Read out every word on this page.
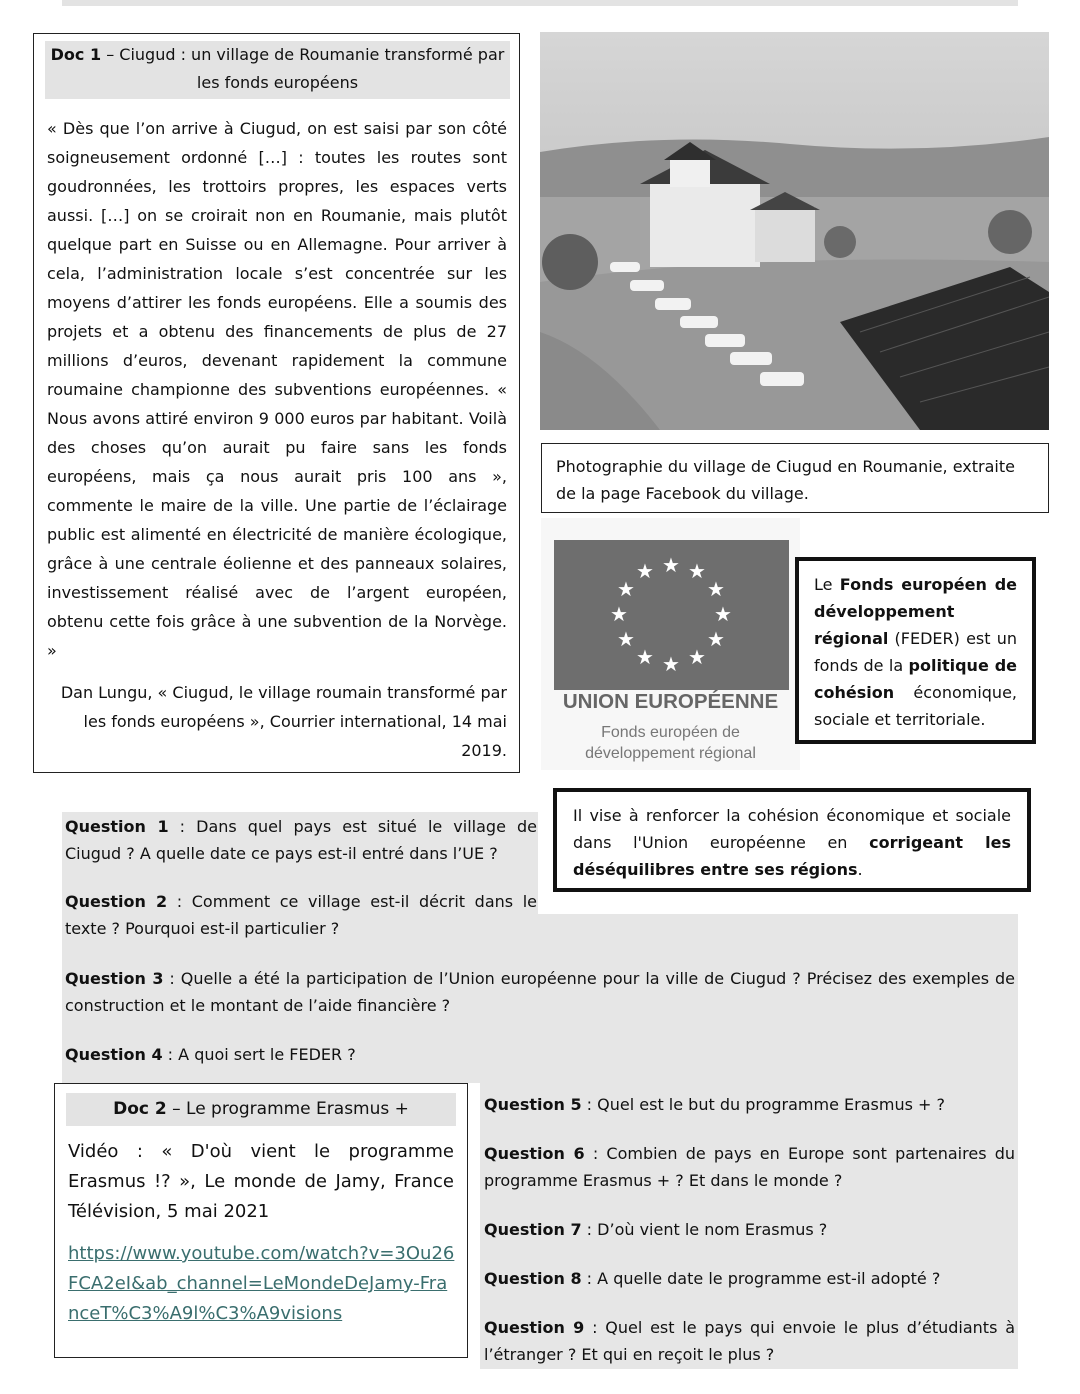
Doc 1 – Ciugud : un village de Roumanie transformé par les fonds européens
« Dès que l’on arrive à Ciugud, on est saisi par son côté soigneusement ordonné […] : toutes les routes sont goudronnées, les trottoirs propres, les espaces verts aussi. […] on se croirait non en Roumanie, mais plutôt quelque part en Suisse ou en Allemagne. Pour arriver à cela, l’administration locale s’est concentrée sur les moyens d’attirer les fonds européens. Elle a soumis des projets et a obtenu des financements de plus de 27 millions d’euros, devenant rapidement la commune roumaine championne des subventions européennes. « Nous avons attiré environ 9 000 euros par habitant. Voilà des choses qu’on aurait pu faire sans les fonds européens, mais ça nous aurait pris 100 ans », commente le maire de la ville. Une partie de l’éclairage public est alimenté en électricité de manière écologique, grâce à une centrale éolienne et des panneaux solaires, investissement réalisé avec de l’argent européen, obtenu cette fois grâce à une subvention de la Norvège. »
Dan Lungu, « Ciugud, le village roumain transformé par les fonds européens », Courrier international, 14 mai 2019.
Photographie du village de Ciugud en Roumanie, extraite de la page Facebook du village.
★ ★
★
★
★
★
★
★
★
★
★
★
UNION EUROPÉENNE
Fonds européen de
développement régional
Le Fonds européen de développement régional (FEDER) est un fonds de la politique de cohésion économique, sociale et territoriale.
Il vise à renforcer la cohésion économique et sociale dans l'Union européenne en corrigeant les déséquilibres entre ses régions.
Question 1 : Dans quel pays est situé le village de Ciugud ? A quelle date ce pays est-il entré dans l’UE ?
Question 2 : Comment ce village est-il décrit dans le texte ? Pourquoi est-il particulier ?
Question 3 : Quelle a été la participation de l’Union européenne pour la ville de Ciugud ? Précisez des exemples de construction et le montant de l’aide financière ?
Question 4 : A quoi sert le FEDER ?
Doc 2 – Le programme Erasmus +
Vidéo : « D'où vient le programme Erasmus !? », Le monde de Jamy, France Télévision, 5 mai 2021
https://www.youtube.com/watch?v=3Ou26FCA2eI&ab_channel=LeMondeDeJamy-FranceT%C3%A9l%C3%A9visions
Question 5 : Quel est le but du programme Erasmus + ?
Question 6 : Combien de pays en Europe sont partenaires du programme Erasmus + ? Et dans le monde ?
Question 7 : D’où vient le nom Erasmus ?
Question 8 : A quelle date le programme est-il adopté ?
Question 9 : Quel est le pays qui envoie le plus d’étudiants à l’étranger ? Et qui en reçoit le plus ?
